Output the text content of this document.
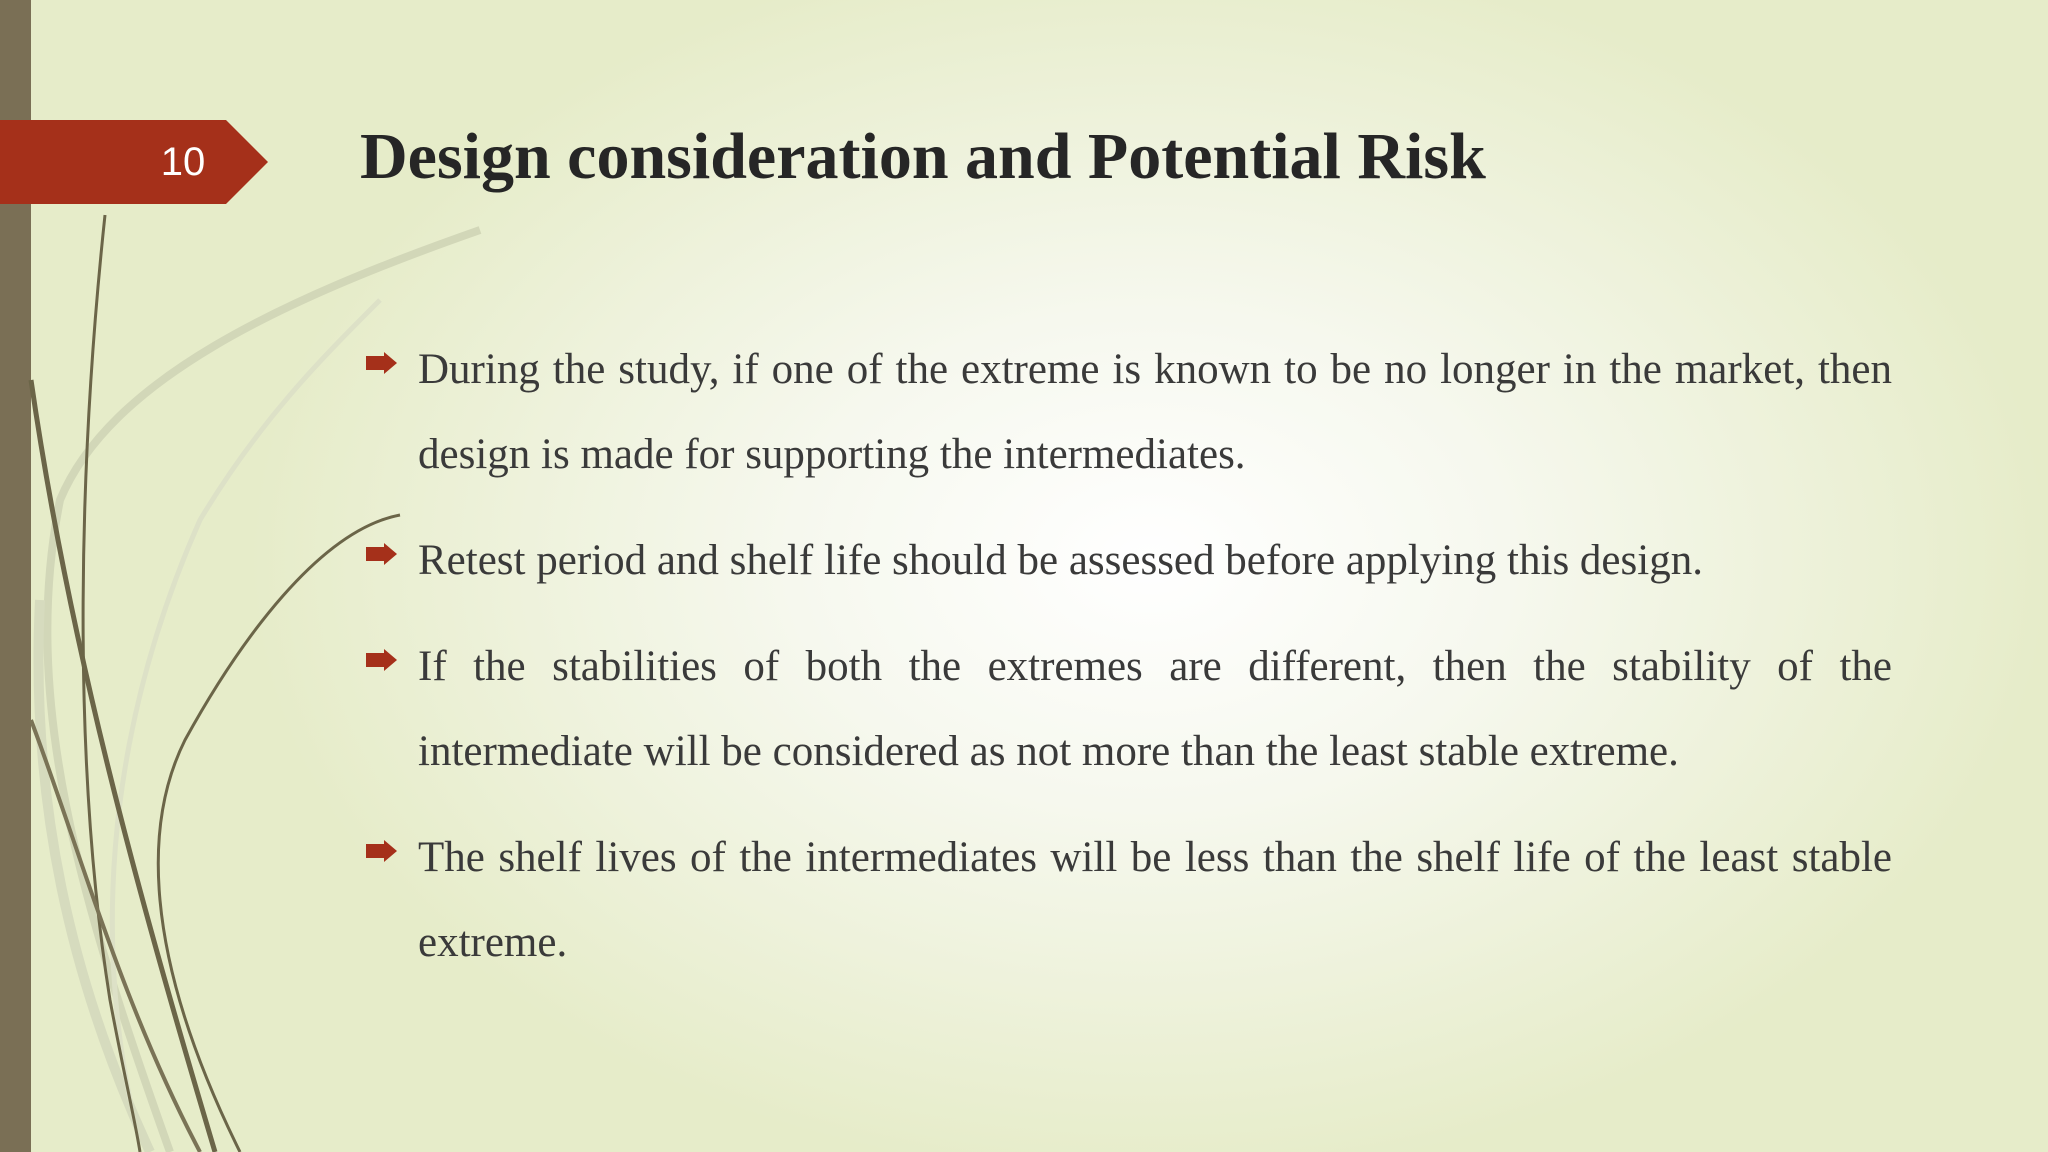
10	Design consideration and Potential Risk
During the study, if one of the extreme is known to be no longer in the market, then design is made for supporting the intermediates.
Retest period and shelf life should be assessed before applying this design.
If the stabilities of both the extremes are different, then the stability of the intermediate will be considered as not more than the least stable extreme.
The shelf lives of the intermediates will be less than the shelf life of the least stable extreme.
